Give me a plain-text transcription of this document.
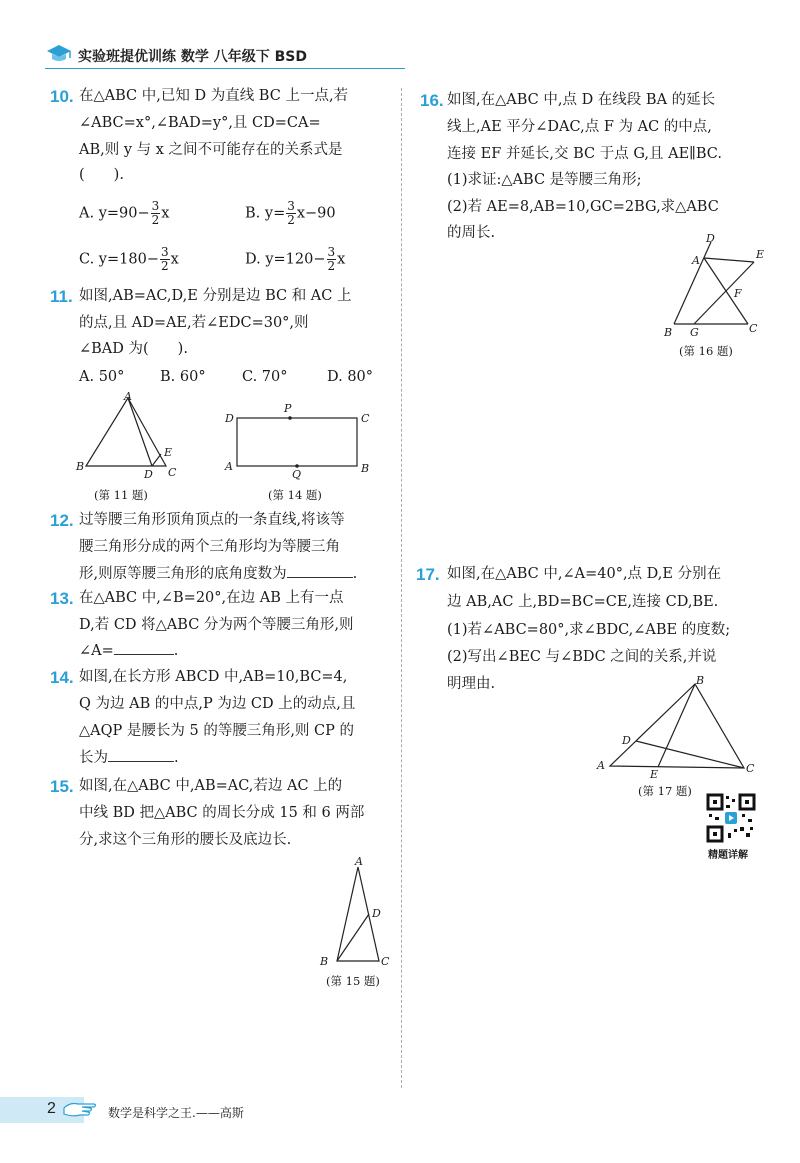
实验班提优训练 数学 八年级下 BSD
10. 在△ABC 中,已知 D 为直线 BC 上一点,若
∠ABC=x°,∠BAD=y°,且 CD=CA=
AB,则 y 与 x 之间不可能存在的关系式是
(　　).
A. $y=90- \frac{3}{2}$ x	B. $y= \frac{3}{2} x-90$
C. $y=180- \frac{3}{2}$ x	D. $y=120- \frac{3}{2}$ x
11. 如图,AB=AC,D,E 分别是边 BC 和 AC 上
的点,且 AD=AE,若∠EDC=30°,则
∠BAD 为(　　).
A. 50° B. 60°	C. 70°	D. 80°
A
B	C
D
E
(第 11 题)
D
P
C
A
Q	B
(第 14 题)
12. 过等腰三角形顶角顶点的一条直线,将该等
腰三角形分成的两个三角形均为等腰三角
形,则原等腰三角形的底角度数为	.
13. 在△ABC 中,∠B=20°,在边 AB 上有一点
D,若 CD 将△ABC 分为两个等腰三角形,则
∠A=	.
14. 如图,在长方形 ABCD 中,AB=10,BC=4,
Q 为边 AB 的中点,P 为边 CD 上的动点,且
△AQP 是腰长为 5 的等腰三角形,则 CP 的
长为	.
15. 如图,在△ABC 中,AB=AC,若边 AC 上的
中线 BD 把△ABC 的周长分成 15 和 6 两部
分,求这个三角形的腰长及底边长.
A
D
B	C
(第 15 题)
16. 如图,在△ABC 中,点 D 在线段 BA 的延长
线上,AE 平分∠DAC,点 F 为 AC 的中点,
连接 EF 并延长,交 BC 于点 G,且 AE∥BC.
(1)求证:△ABC 是等腰三角形;
(2)若 AE=8,AB=10,GC=2BG,求△ABC
的周长.	D
E
A
F
B G	C
(第 16 题)
17. 如图,在△ABC 中,∠A=40°,点 D,E 分别在
边 AB,AC 上,BD=BC=CE,连接 CD,BE.
(1)若∠ABC=80°,求∠BDC,∠ABE 的度数;
(2)写出∠BEC 与∠BDC 之间的关系,并说
明理由.	B
D
A
E	C
(第 17 题)
精题详解
2	数学是科学之王.——高斯
